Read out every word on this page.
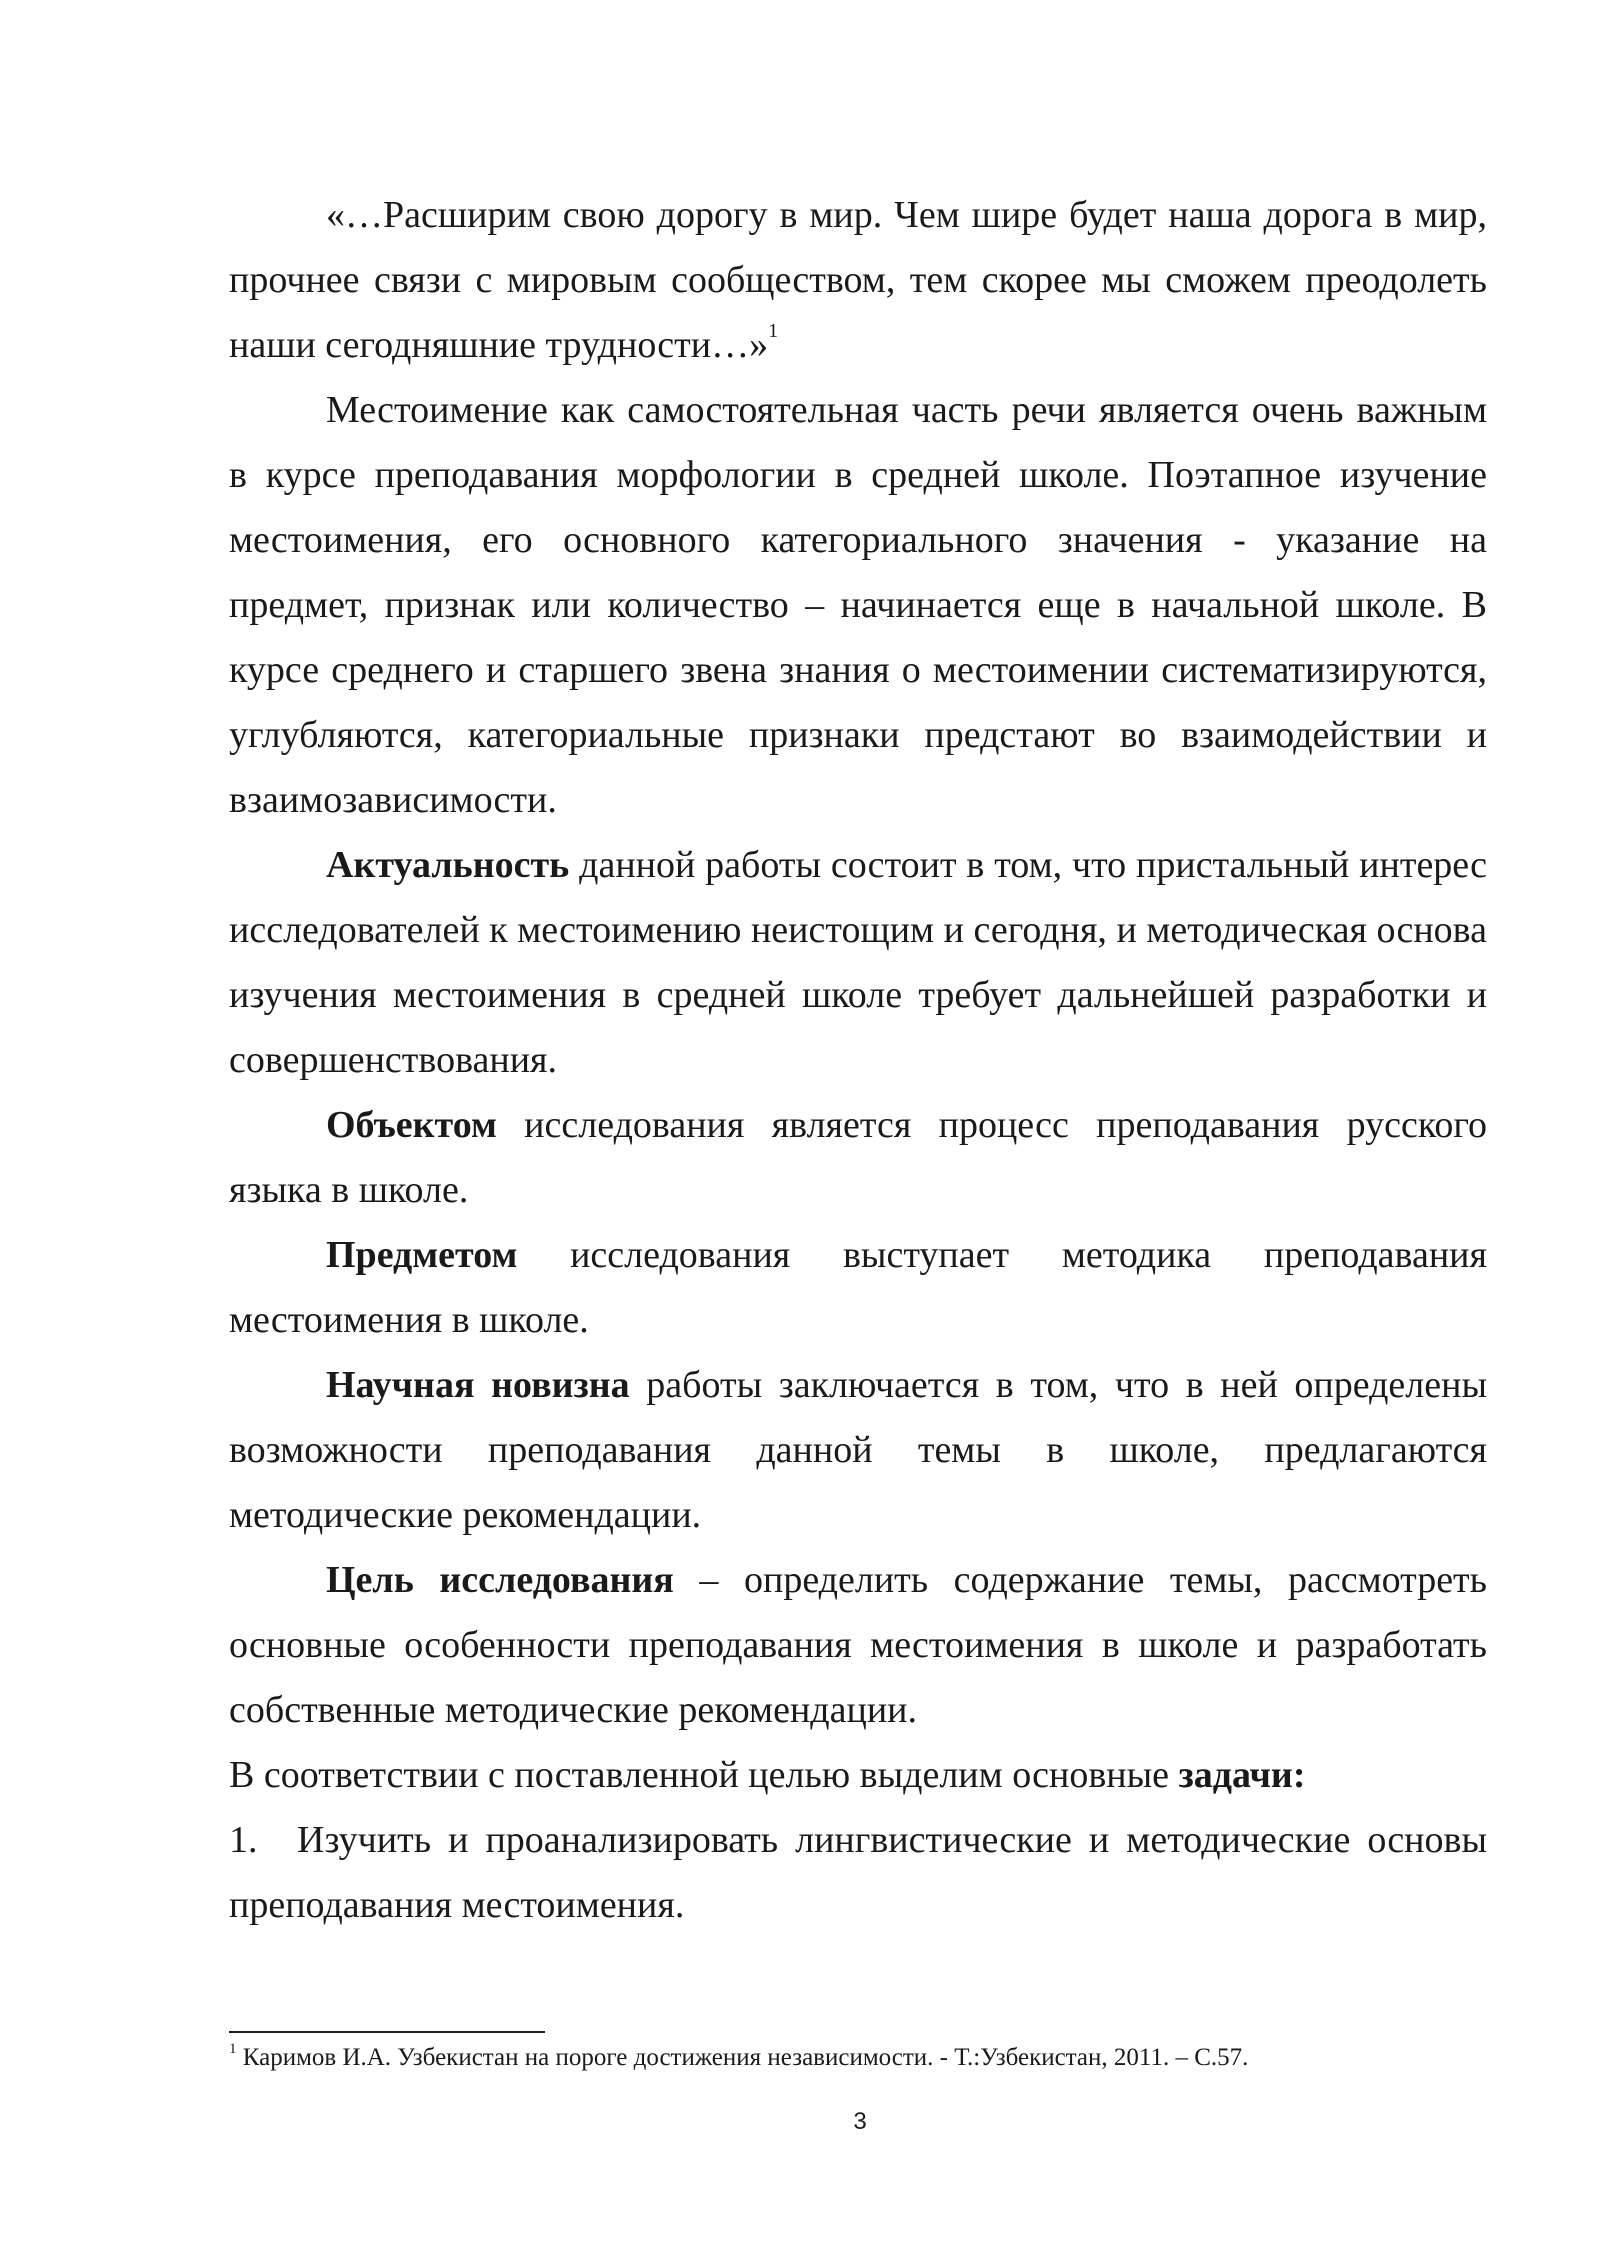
«…Расширим свою дорогу в мир. Чем шире будет наша дорога в мир, прочнее связи с мировым сообществом, тем скорее мы сможем преодолеть наши сегодняшние трудности…»$^1$

Местоимение как самостоятельная часть речи является очень важным в курсе преподавания морфологии в средней школе. Поэтапное изучение местоимения, его основного категориального значения - указание на предмет, признак или количество – начинается еще в начальной школе. В курсе среднего и старшего звена знания о местоимении систематизируются, углубляются, категориальные признаки предстают во взаимодействии и взаимозависимости.

Актуальность данной работы состоит в том, что пристальный интерес исследователей к местоимению неистощим и сегодня, и методическая основа изучения местоимения в средней школе требует дальнейшей разработки и совершенствования.

Объектом исследования является процесс преподавания русского языка в школе.

Предметом исследования выступает методика преподавания местоимения в школе.

Научная новизна работы заключается в том, что в ней определены возможности преподавания данной темы в школе, предлагаются методические рекомендации.

Цель исследования – определить содержание темы, рассмотреть основные особенности преподавания местоимения в школе и разработать собственные методические рекомендации.

В соответствии с поставленной целью выделим основные задачи:

1. Изучить и проанализировать лингвистические и методические основы преподавания местоимения.

$^1$ Каримов И.А. Узбекистан на пороге достижения независимости. - Т.:Узбекистан, 2011. – С.57.
3
